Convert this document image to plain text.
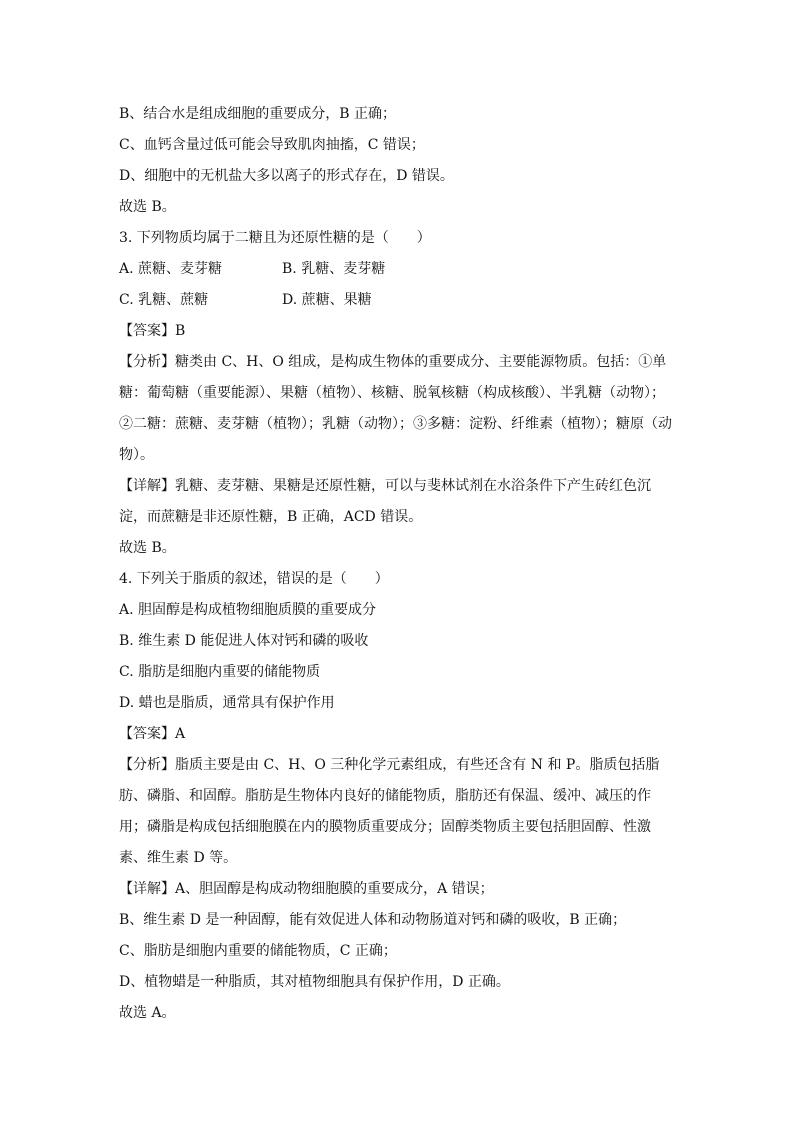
B、结合水是组成细胞的重要成分，B 正确；
C、血钙含量过低可能会导致肌肉抽搐，C 错误；
D、细胞中的无机盐大多以离子的形式存在，D 错误。
故选 B。
3. 下列物质均属于二糖且为还原性糖的是（　　）
A. 蔗糖、麦芽糖	B. 乳糖、麦芽糖
C. 乳糖、蔗糖	D. 蔗糖、果糖
【答案】B
【分析】糖类由 C、H、O 组成，是构成生物体的重要成分、主要能源物质。包括：①单
糖：葡萄糖（重要能源）、果糖（植物）、核糖、脱氧核糖（构成核酸）、半乳糖（动物）；
②二糖：蔗糖、麦芽糖（植物）；乳糖（动物）；③多糖：淀粉、纤维素（植物）；糖原（动
物）。
【详解】乳糖、麦芽糖、果糖是还原性糖，可以与斐林试剂在水浴条件下产生砖红色沉
淀，而蔗糖是非还原性糖，B 正确，ACD 错误。
故选 B。
4. 下列关于脂质的叙述，错误的是（　　）
A. 胆固醇是构成植物细胞质膜的重要成分
B. 维生素 D 能促进人体对钙和磷的吸收
C. 脂肪是细胞内重要的储能物质
D. 蜡也是脂质，通常具有保护作用
【答案】A
【分析】脂质主要是由 C、H、O 三种化学元素组成，有些还含有 N 和 P。脂质包括脂
肪、磷脂、和固醇。脂肪是生物体内良好的储能物质，脂肪还有保温、缓冲、减压的作
用；磷脂是构成包括细胞膜在内的膜物质重要成分；固醇类物质主要包括胆固醇、性激
素、维生素 D 等。
【详解】A、胆固醇是构成动物细胞膜的重要成分，A 错误；
B、维生素 D 是一种固醇，能有效促进人体和动物肠道对钙和磷的吸收，B 正确；
C、脂肪是细胞内重要的储能物质，C 正确；
D、植物蜡是一种脂质，其对植物细胞具有保护作用，D 正确。
故选 A。
